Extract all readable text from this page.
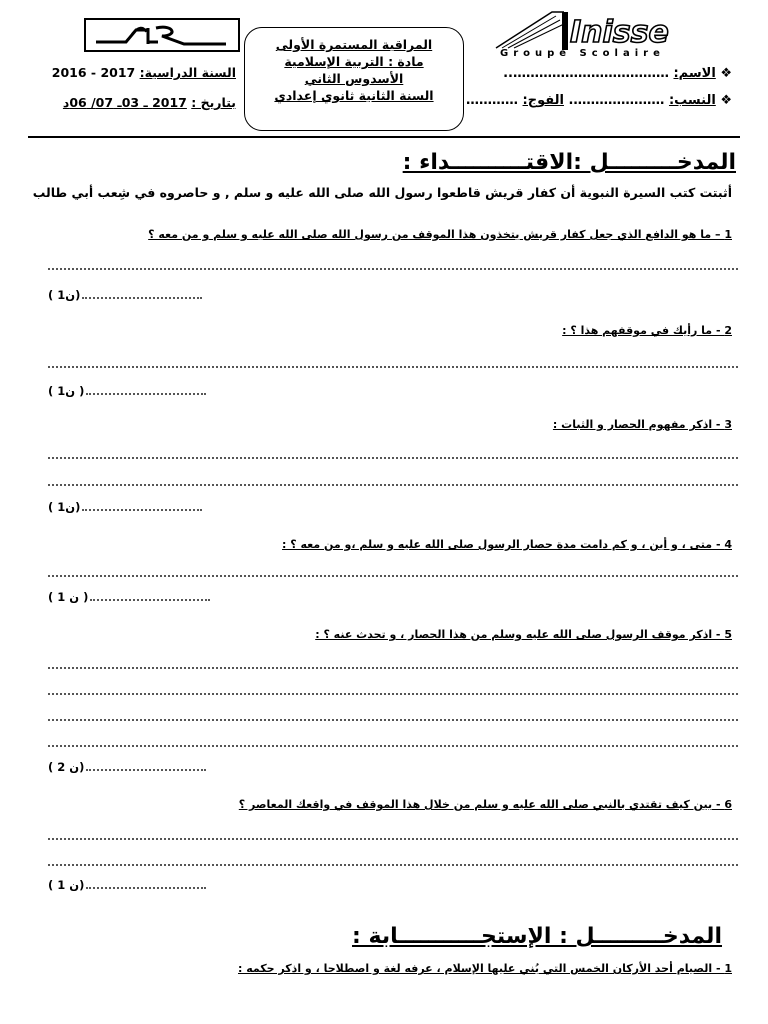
السنة الدراسية: 2016 - 2017
بتاريخ : 2017 ـ 03ـ 07/ 06د
المراقبة المستمرة الأولى
مادة : التربية الإسلامية
الأسدوس الثاني
السنة الثانية ثانوي إعدادي
Inisse
Groupe Scolaire
❖ الاسم: ………………………………..
❖ النسب: …………………. الفوج: …………
المدخـــــــــل :الاقتــــــــــداء :
أثبتت كتب السيرة النبوية أن كفار قريش قاطعوا رسول الله صلى الله عليه و سلم , و حاصروه في شِعب أبي طالب
1 – ما هو الدافع الذي جعل كفار قريش يتخذون هذا الموقف من رسول الله صلى الله عليه و سلم و من معه ؟
( 1ن)
2 - ما رأيك في موقفهم هذا ؟ :
( 1ن )
3 - اذكر مفهوم الحصار و الثبات :
( 1ن)
4 - متى ، و أين ، و كم دامت مدة حصار الرسول صلى الله عليه و سلم ،و من معه ؟ :
( 1 ن )
5 - اذكر موقف الرسول صلى الله عليه وسلم من هذا الحصار ، و تحدث عنه ؟ :
( 2 ن)
6 - بين كيف تقتدي بالنبي صلى الله عليه و سلم من خلال هذا الموقف في واقعك المعاصر ؟
( 1 ن)
المدخـــــــــل : الإستجـــــــــــابة :
1 - الصيام أحد الأركان الخمس التي بُني عليها الإسلام ، عرفه لغة و اصطلاحا ، و اذكر حكمه :
